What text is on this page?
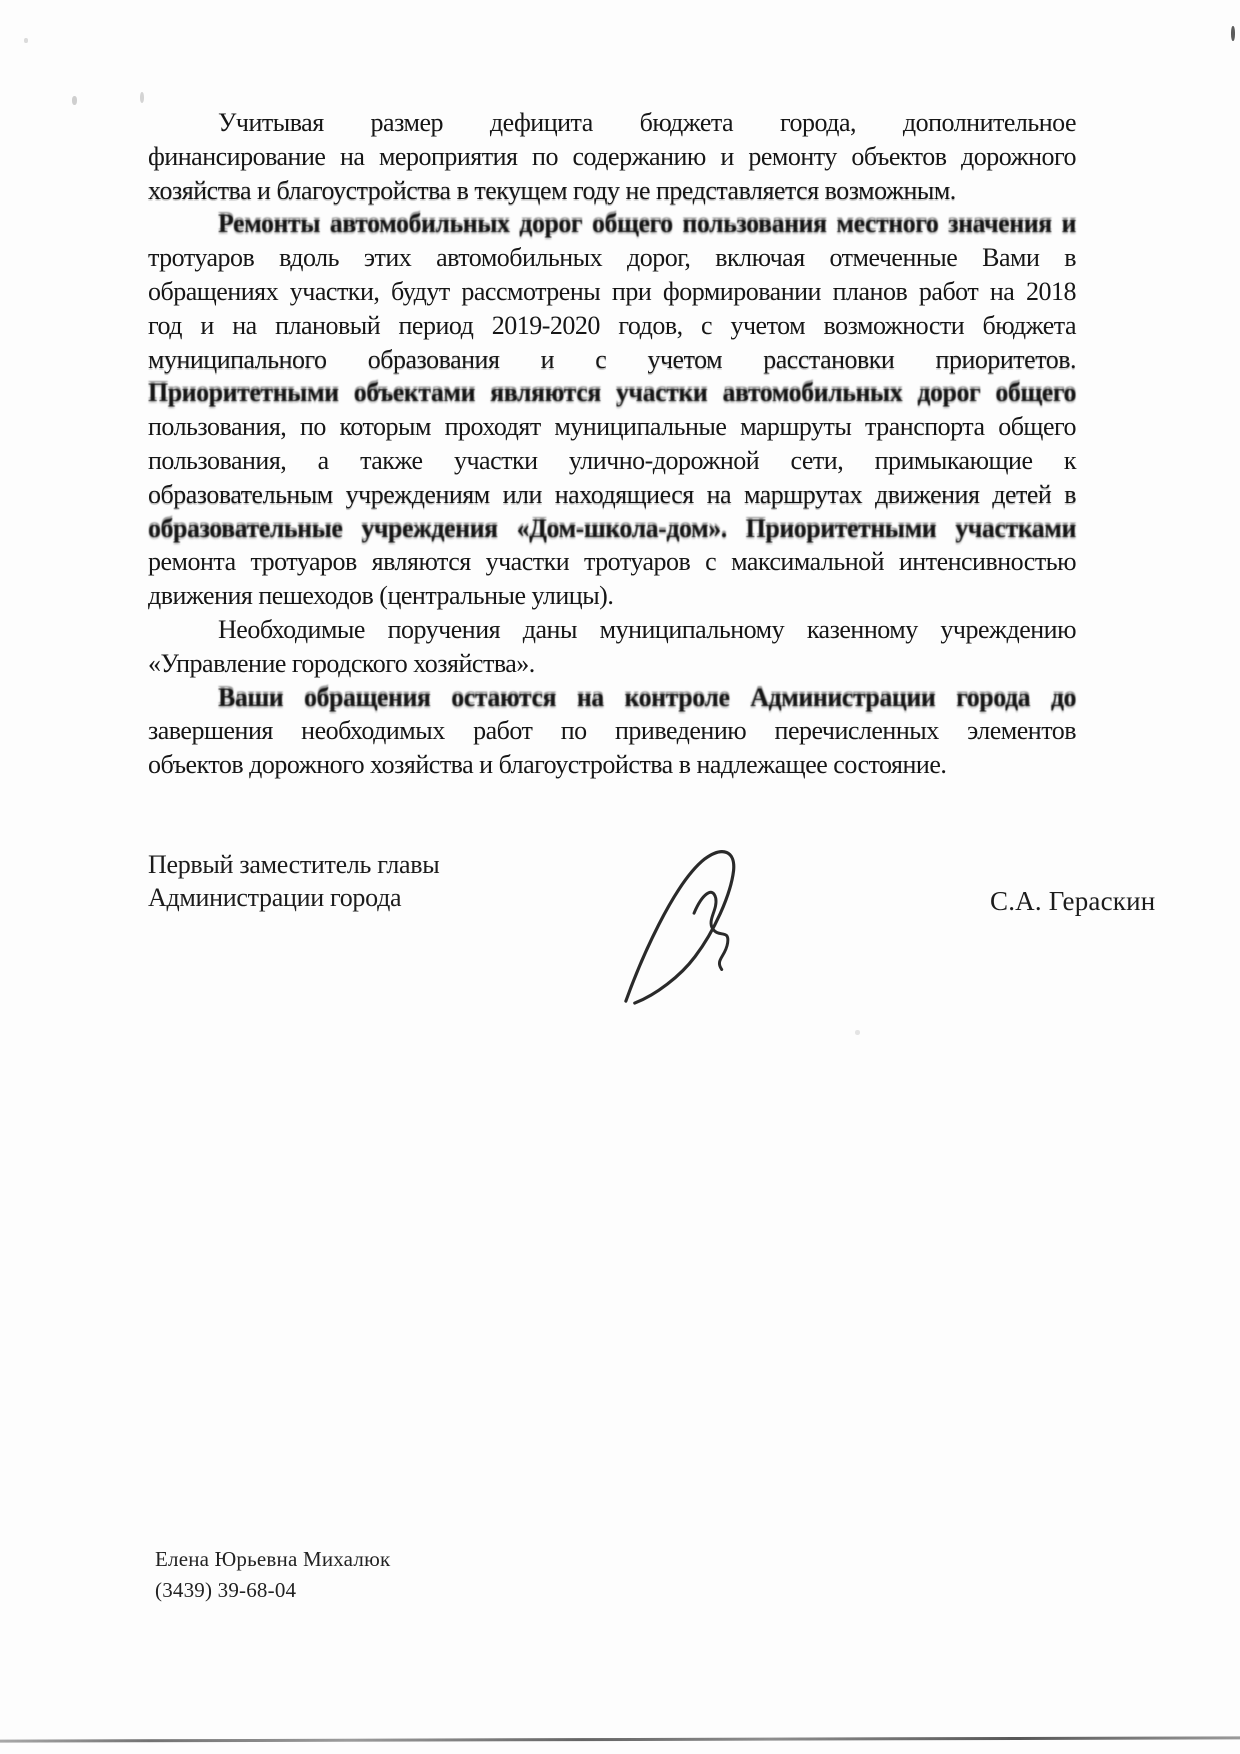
Учитывая размер дефицита бюджета города, дополнительное
финансирование на мероприятия по содержанию и ремонту объектов дорожного
хозяйства и благоустройства в текущем году не представляется возможным.
Ремонты автомобильных дорог общего пользования местного значения и
тротуаров вдоль этих автомобильных дорог, включая отмеченные Вами в
обращениях участки, будут рассмотрены при формировании планов работ на 2018
год и на плановый период 2019-2020 годов, с учетом возможности бюджета
муниципального образования и с учетом расстановки приоритетов.
Приоритетными объектами являются участки автомобильных дорог общего
пользования, по которым проходят муниципальные маршруты транспорта общего
пользования, а также участки улично-дорожной сети, примыкающие к
образовательным учреждениям или находящиеся на маршрутах движения детей в
образовательные учреждения «Дом-школа-дом». Приоритетными участками
ремонта тротуаров являются участки тротуаров с максимальной интенсивностью
движения пешеходов (центральные улицы).
Необходимые поручения даны муниципальному казенному учреждению
«Управление городского хозяйства».
Ваши обращения остаются на контроле Администрации города до
завершения необходимых работ по приведению перечисленных элементов
объектов дорожного хозяйства и благоустройства в надлежащее состояние.
Первый заместитель главы
Администрации города	С.А. Гераскин
Елена Юрьевна Михалюк
(3439) 39-68-04
